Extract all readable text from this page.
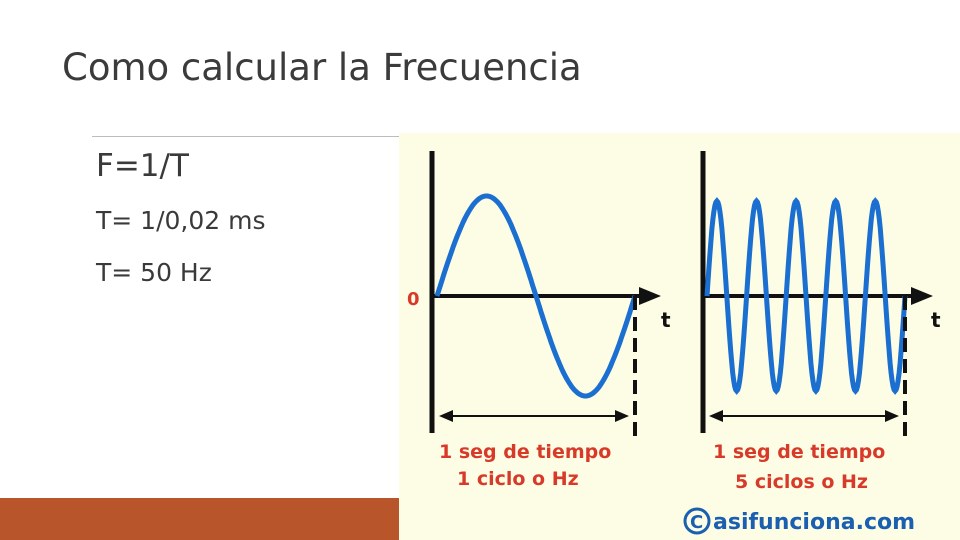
Como calcular la Frecuencia
F=1/T
T= 1/0,02 ms
T= 50 Hz
0
t
1 seg de tiempo
1 ciclo o Hz
t
1 seg de tiempo
5 ciclos o Hz
C asifunciona.com
